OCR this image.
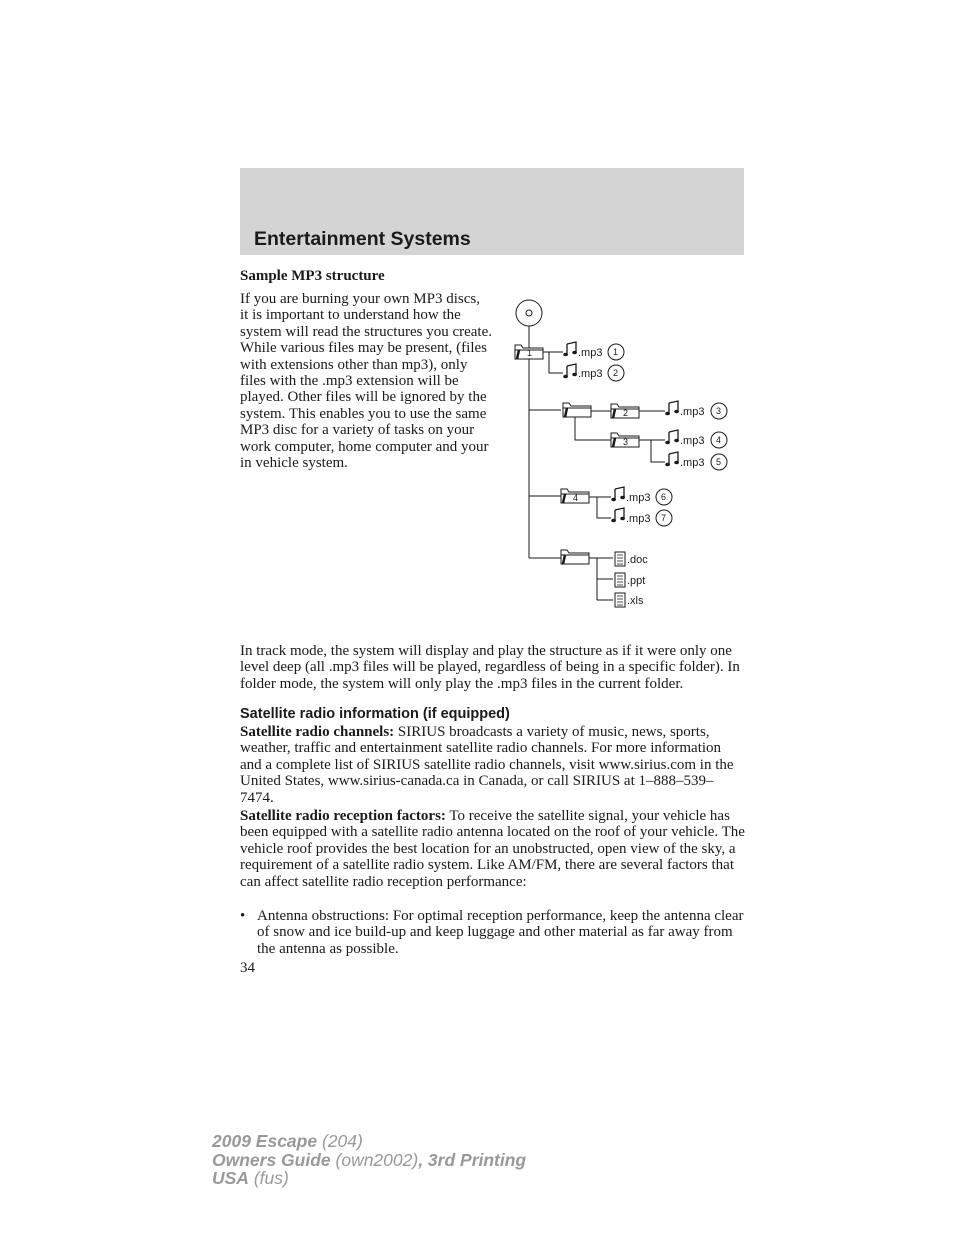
Entertainment Systems
Sample MP3 structure

If you are burning your own MP3 discs, it is important to understand how the system will read the structures you create. While various files may be present, (files with extensions other than mp3), only files with the .mp3 extension will be played. Other files will be ignored by the system. This enables you to use the same MP3 disc for a variety of tasks on your work computer, home computer and your in vehicle system.

1	.mp3 1
.mp3 2
2	.mp3 3
3	.mp3 4
.mp3 5
4	.mp3 6
.mp3 7
.doc
.ppt
.xls

In track mode, the system will display and play the structure as if it were only one level deep (all .mp3 files will be played, regardless of being in a specific folder). In folder mode, the system will only play the .mp3 files in the current folder.

Satellite radio information (if equipped)

Satellite radio channels: SIRIUS broadcasts a variety of music, news, sports, weather, traffic and entertainment satellite radio channels. For more information and a complete list of SIRIUS satellite radio channels, visit www.sirius.com in the United States, www.sirius-canada.ca in Canada, or call SIRIUS at 1–888–539–7474.

Satellite radio reception factors: To receive the satellite signal, your vehicle has been equipped with a satellite radio antenna located on the roof of your vehicle. The vehicle roof provides the best location for an unobstructed, open view of the sky, a requirement of a satellite radio system. Like AM/FM, there are several factors that can affect satellite radio reception performance:

• Antenna obstructions: For optimal reception performance, keep the antenna clear of snow and ice build-up and keep luggage and other material as far away from the antenna as possible.

34

2009 Escape (204)
Owners Guide (own2002), 3rd Printing
USA (fus)
